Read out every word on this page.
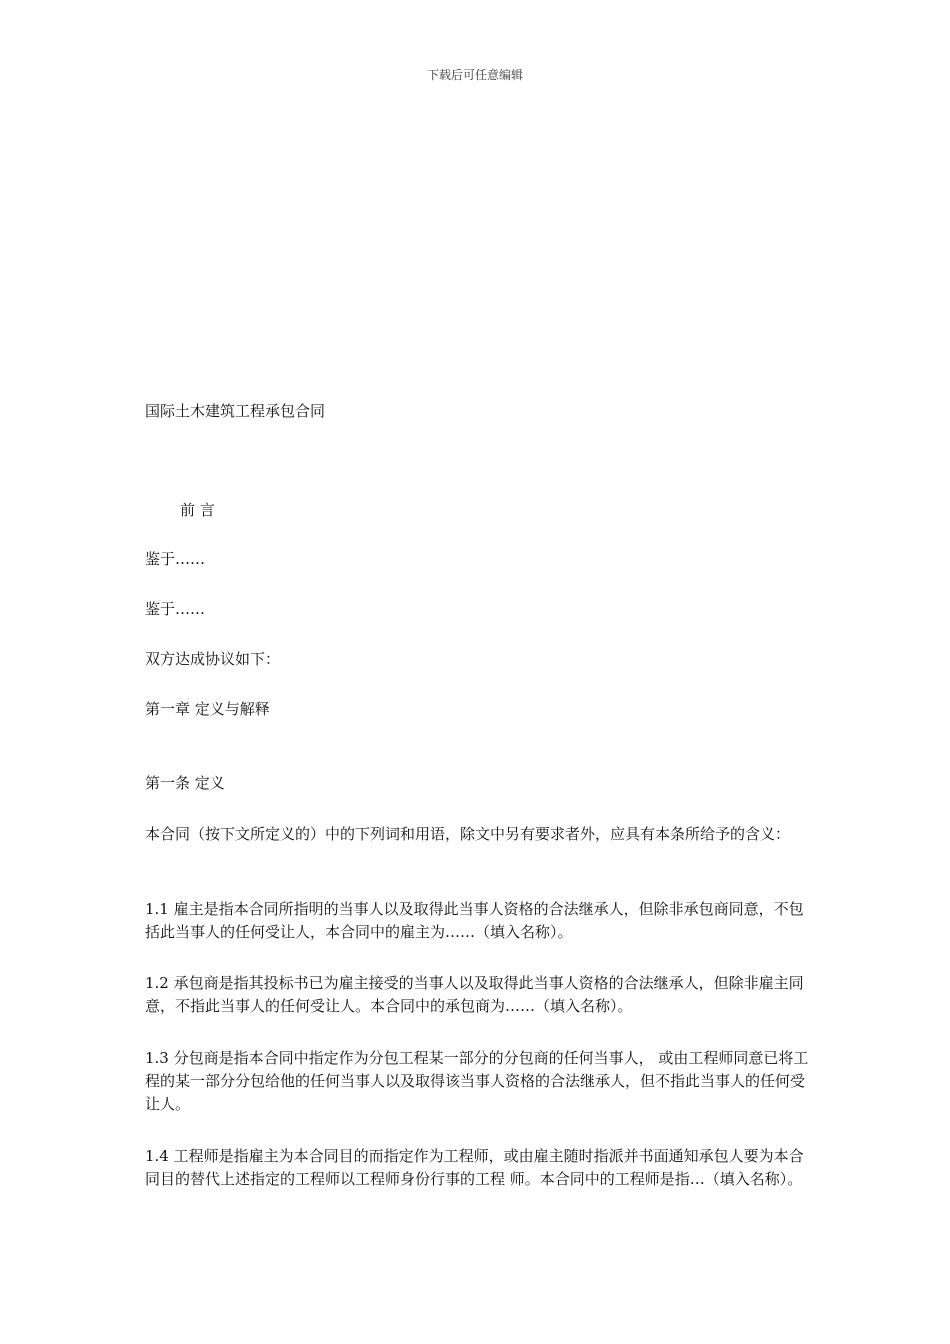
下载后可任意编辑
国际土木建筑工程承包合同
前 言
鉴于……
鉴于……
双方达成协议如下：
第一章 定义与解释
第一条 定义
本合同（按下文所定义的）中的下列词和用语，除文中另有要求者外，应具有本条所给予的含义：
1.1 雇主是指本合同所指明的当事人以及取得此当事人资格的合法继承人，但除非承包商同意，不包括此当事人的任何受让人，本合同中的雇主为……（填入名称）。
1.2 承包商是指其投标书已为雇主接受的当事人以及取得此当事人资格的合法继承人，但除非雇主同意，不指此当事人的任何受让人。本合同中的承包商为……（填入名称）。
1.3 分包商是指本合同中指定作为分包工程某一部分的分包商的任何当事人， 或由工程师同意已将工程的某一部分分包给他的任何当事人以及取得该当事人资格的合法继承人，但不指此当事人的任何受让人。
1.4 工程师是指雇主为本合同目的而指定作为工程师，或由雇主随时指派并书面通知承包人要为本合同目的替代上述指定的工程师以工程师身份行事的工程 师。本合同中的工程师是指…（填入名称）。
